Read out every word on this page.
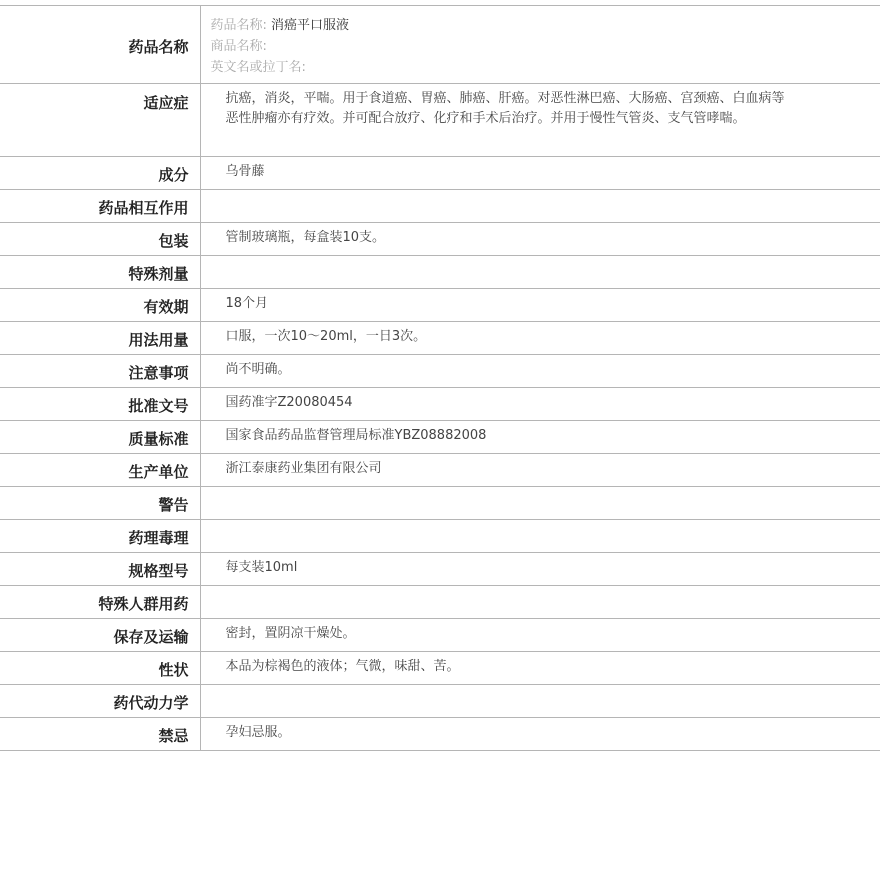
药品名称	药品名称: 消癌平口服液
商品名称:
英文名或拉丁名:

适应症	抗癌，消炎，平喘。用于食道癌、胃癌、肺癌、肝癌。对恶性淋巴癌、大肠癌、宫颈癌、白血病等恶性肿瘤亦有疗效。并可配合放疗、化疗和手术后治疗。并用于慢性气管炎、支气管哮喘。
成分	乌骨藤
药品相互作用	
包装	管制玻璃瓶，每盒装10支。
特殊剂量	
有效期	18个月
用法用量	口服，一次10～20ml，一日3次。
注意事项	尚不明确。
批准文号	国药准字Z20080454
质量标准	国家食品药品监督管理局标准YBZ08882008
生产单位	浙江泰康药业集团有限公司
警告	
药理毒理	
规格型号	每支装10ml
特殊人群用药	
保存及运输	密封，置阴凉干燥处。
性状	本品为棕褐色的液体；气微，味甜、苦。
药代动力学	
禁忌	孕妇忌服。
